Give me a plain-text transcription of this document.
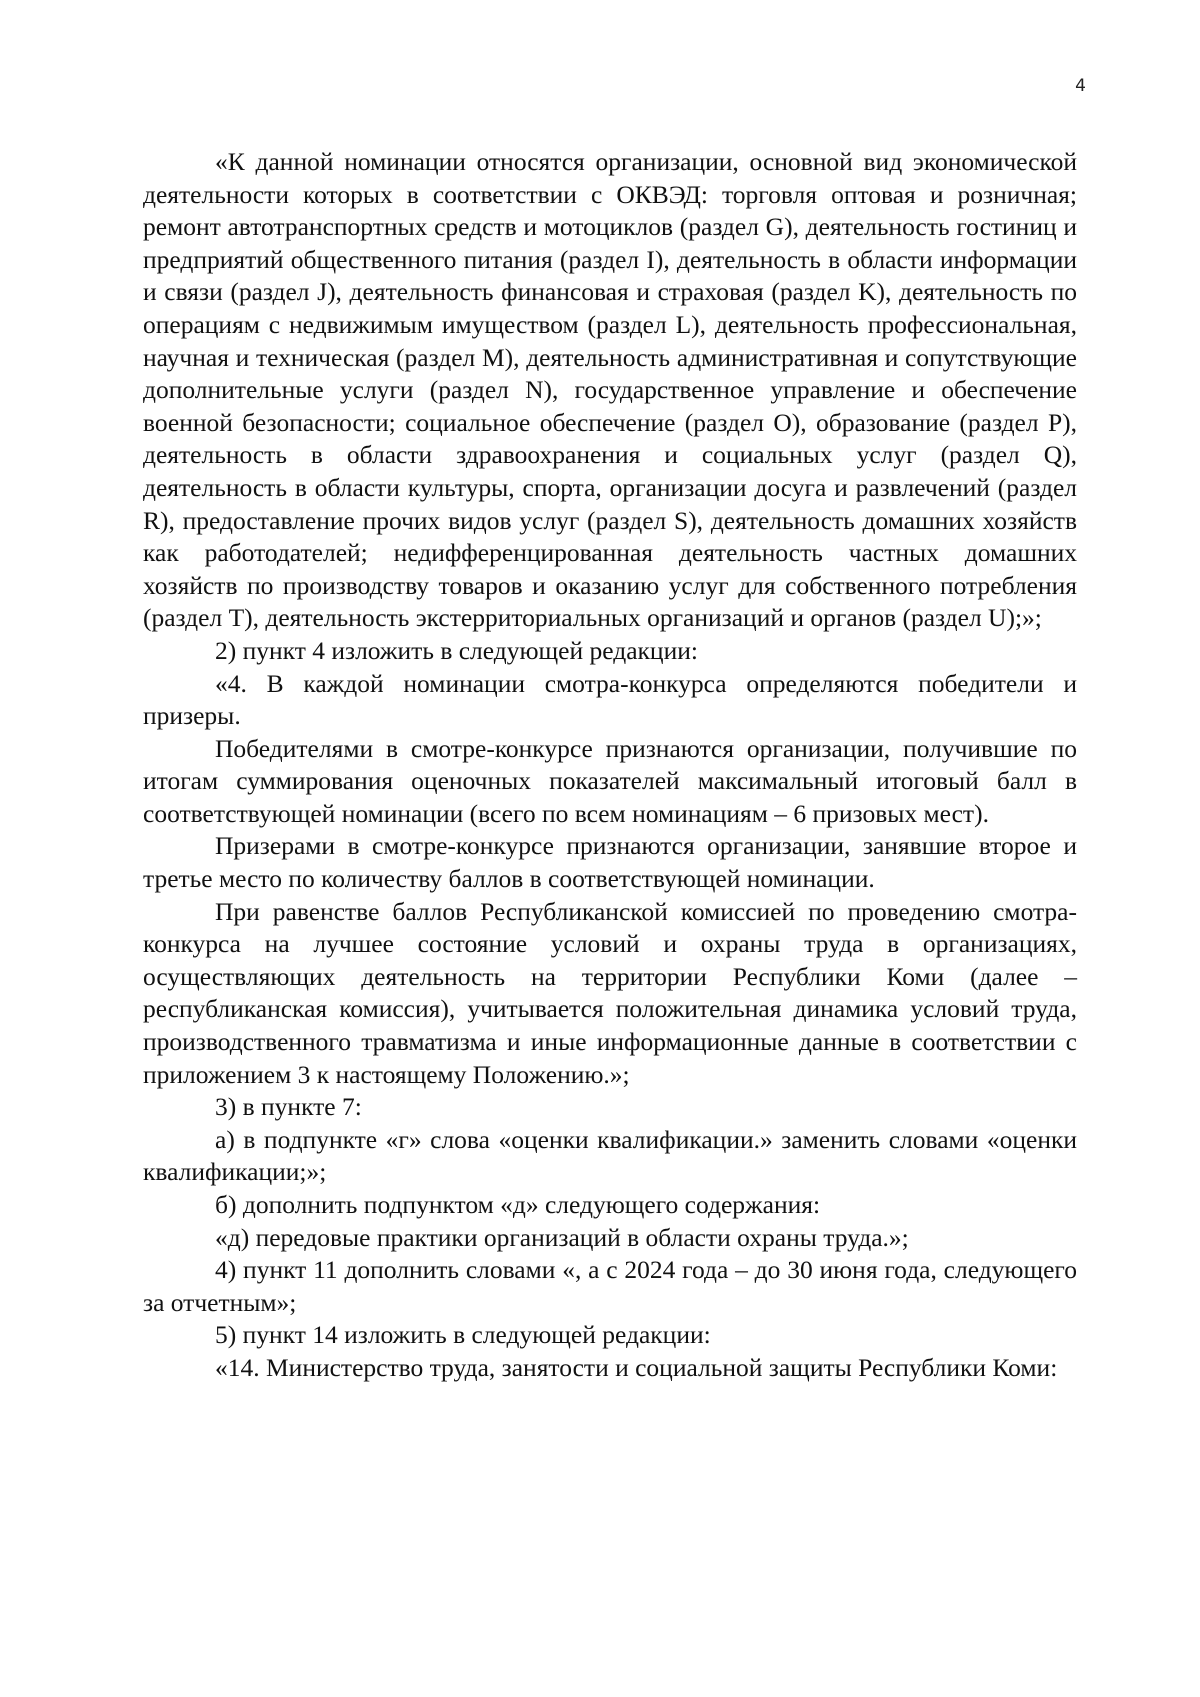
4

«К данной номинации относятся организации, основной вид экономической деятельности которых в соответствии с ОКВЭД: торговля оптовая и розничная; ремонт автотранспортных средств и мотоциклов (раздел G), деятельность гостиниц и предприятий общественного питания (раздел I), деятельность в области информации и связи (раздел J), деятельность финансовая и страховая (раздел K), деятельность по операциям с недвижимым имуществом (раздел L), деятельность профессиональная, научная и техническая (раздел M), деятельность административная и сопутствующие дополнительные услуги (раздел N), государственное управление и обеспечение военной безопасности; социальное обеспечение (раздел O), образование (раздел P), деятельность в области здравоохранения и социальных услуг (раздел Q), деятельность в области культуры, спорта, организации досуга и развлечений (раздел R), предоставление прочих видов услуг (раздел S), деятельность домашних хозяйств как работодателей; недифференцированная деятельность частных домашних хозяйств по производству товаров и оказанию услуг для собственного потребления (раздел T), деятельность экстерриториальных организаций и органов (раздел U);»;

2) пункт 4 изложить в следующей редакции:

«4. В каждой номинации смотра-конкурса определяются победители и призеры.

Победителями в смотре-конкурсе признаются организации, получившие по итогам суммирования оценочных показателей максимальный итоговый балл в соответствующей номинации (всего по всем номинациям – 6 призовых мест).

Призерами в смотре-конкурсе признаются организации, занявшие второе и третье место по количеству баллов в соответствующей номинации.

При равенстве баллов Республиканской комиссией по проведению смотра-конкурса на лучшее состояние условий и охраны труда в организациях, осуществляющих деятельность на территории Республики Коми (далее – республиканская комиссия), учитывается положительная динамика условий труда, производственного травматизма и иные информационные данные в соответствии с приложением 3 к настоящему Положению.»;

3) в пункте 7:

а) в подпункте «г» слова «оценки квалификации.» заменить словами «оценки квалификации;»;

б) дополнить подпунктом «д» следующего содержания:

«д) передовые практики организаций в области охраны труда.»;

4) пункт 11 дополнить словами «, а с 2024 года – до 30 июня года, следующего за отчетным»;

5) пункт 14 изложить в следующей редакции:

«14. Министерство труда, занятости и социальной защиты Республики Коми:
